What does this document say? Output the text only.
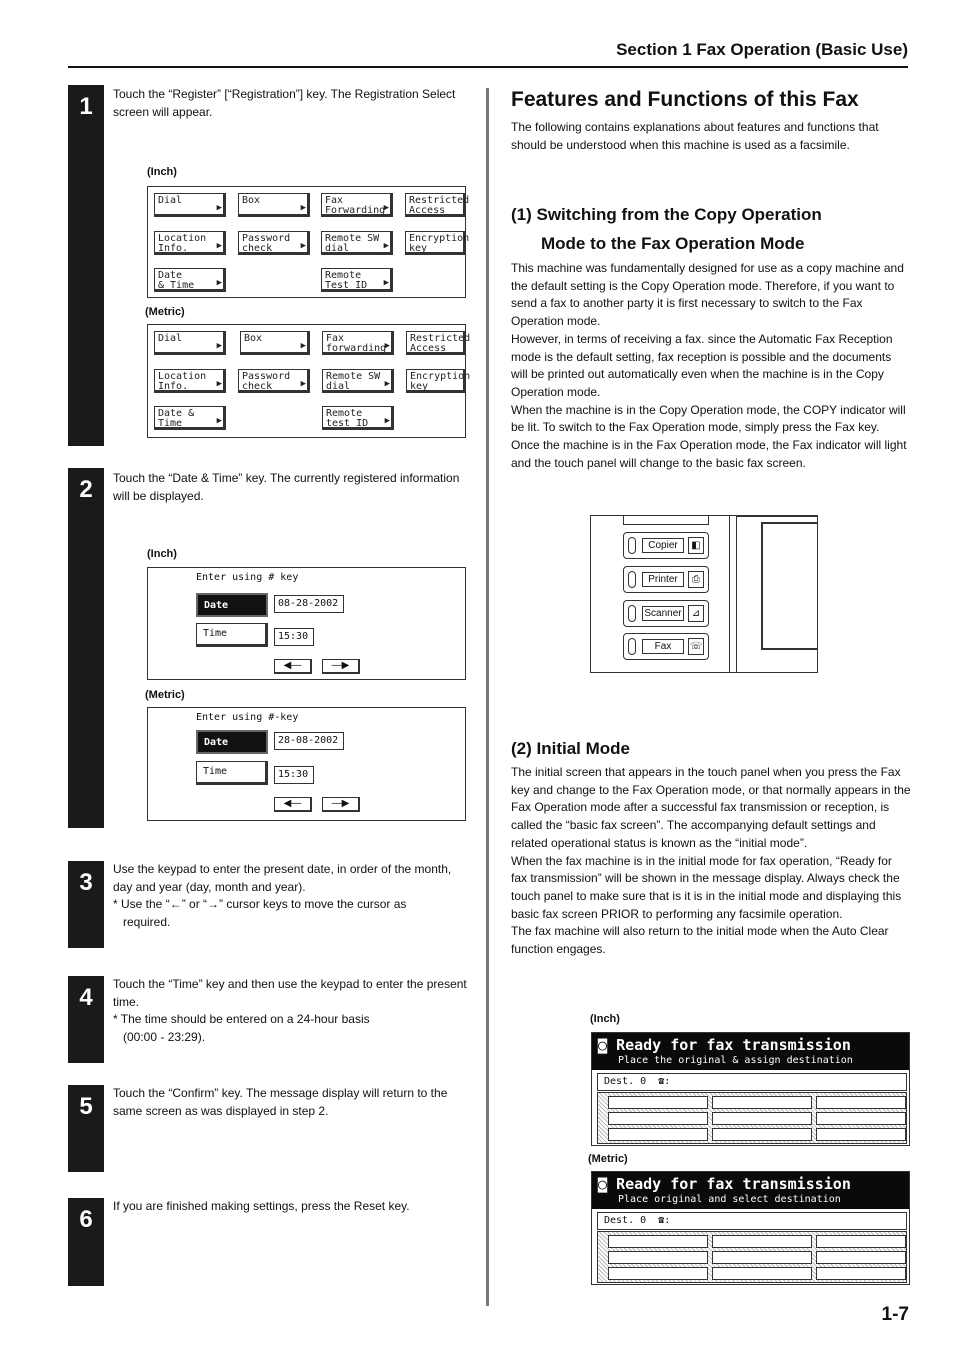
Section 1 Fax Operation (Basic Use)
1	Touch the “Register” [“Registration”] key. The Registration Select screen will appear.
(Inch)
Dial
▶
Box
▶
Fax
Forwarding
▶
Restricted
Access
Location
Info.	▶
Password
check	▶
Remote SW
dial	▶
Encryption
key
Date
& Time ▶
Remote
Test ID ▶
(Metric)
Dial
▶
Box
▶
Fax
forwarding
▶
Restricted
Access
Location
Info.	▶
Password
check	▶
Remote SW
dial	▶
Encryption
key
Date &
Time	▶
Remote
test ID ▶
2	Touch the “Date & Time” key. The currently registered information will be displayed.
(Inch)
Enter using # key
Date	08-28-2002
Time	15:30
◀—	—▶
(Metric)
Enter using #-key
Date	28-08-2002
Time	15:30
◀—	—▶
3	Use the keypad to enter the present date, in order of the month, day and year (day, month and year).
* Use the “←” or “→” cursor keys to move the cursor as
required.
4	Touch the “Time” key and then use the keypad to enter the present time.
* The time should be entered on a 24-hour basis
(00:00 - 23:29).
5	Touch the “Confirm” key. The message display will return to the same screen as was displayed in step 2.
6	If you are finished making settings, press the Reset key.
Features and Functions of this Fax
The following contains explanations about features and functions that should be understood when this machine is used as a facsimile.
(1) Switching from the Copy Operation
Mode to the Fax Operation Mode
This machine was fundamentally designed for use as a copy machine and the default setting is the Copy Operation mode. Therefore, if you want to send a fax to another party it is first necessary to switch to the Fax Operation mode.
However, in terms of receiving a fax. since the Automatic Fax Reception mode is the default setting, fax reception is possible and the documents will be printed out automatically even when the machine is in the Copy Operation mode.
When the machine is in the Copy Operation mode, the COPY indicator will be lit. To switch to the Fax Operation mode, simply press the Fax key. Once the machine is in the Fax Operation mode, the Fax indicator will light and the touch panel will change to the basic fax screen.
Copier	◧
Printer	⎙
Scanner	⊿
Fax	☏
(2) Initial Mode
The initial screen that appears in the touch panel when you press the Fax key and change to the Fax Operation mode, or that normally appears in the Fax Operation mode after a successful fax transmission or reception, is called the “basic fax screen”. The accompanying default settings and related operational status is known as the “initial mode”.
When the fax machine is in the initial mode for fax operation, “Ready for fax transmission” will be shown in the message display. Always check the touch panel to make sure that is it is in the initial mode and displaying this basic fax screen PRIOR to performing any facsimile operation.
The fax machine will also return to the initial mode when the Auto Clear function engages.
(Inch)
◙ Ready for fax transmission
Place the original & assign destination
Dest. 0 ☎:
(Metric)
◙ Ready for fax transmission
Place original and select destination
Dest. 0 ☎:
1-7
